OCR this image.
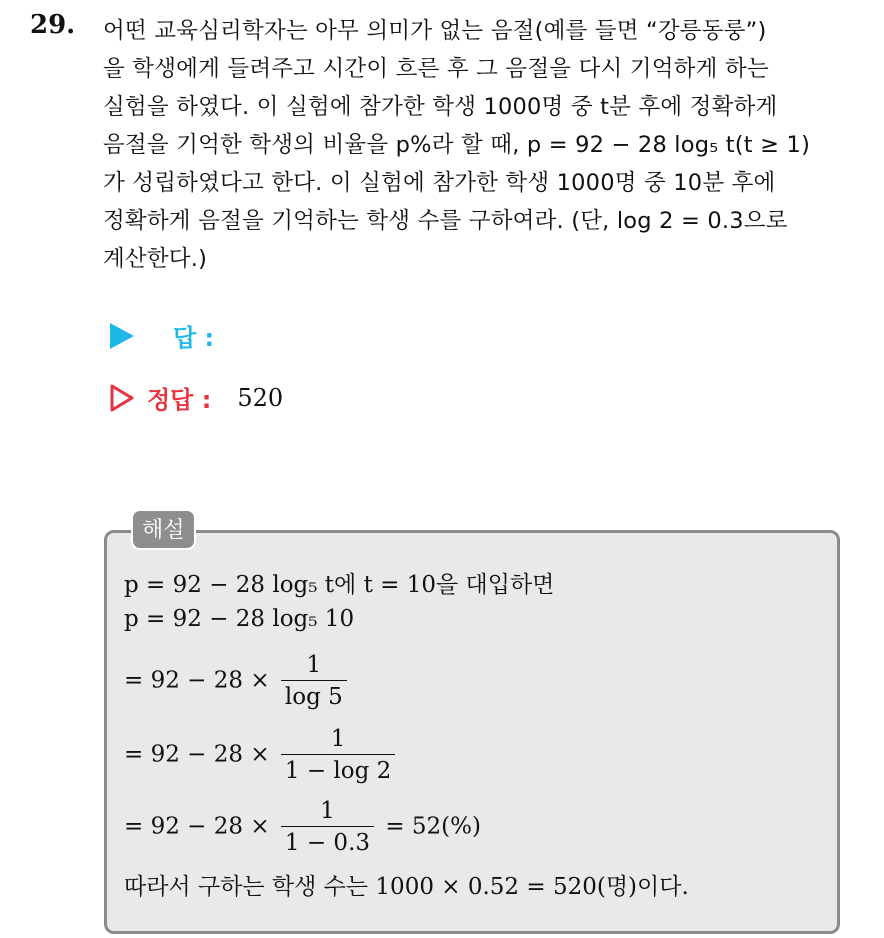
29. 어떤 교육심리학자는 아무 의미가 없는 음절(예를 들면 “강릉동룽”)
을 학생에게 들려주고 시간이 흐른 후 그 음절을 다시 기억하게 하는
실험을 하였다. 이 실험에 참가한 학생 1000명 중 t분 후에 정확하게
음절을 기억한 학생의 비율을 p%라 할 때, p = 92 − 28 log₅ t(t ≥ 1)
가 성립하였다고 한다. 이 실험에 참가한 학생 1000명 중 10분 후에
정확하게 음절을 기억하는 학생 수를 구하여라. (단, log 2 = 0.3으로
계산한다.)
답 :
정답 : 520
해설
p = 92 − 28 log₅ t에 t = 10을 대입하면
p = 92 − 28 log₅ 10
= $92 - 28 \times \frac{1}{\log 5}$
= $92 - 28 \times \frac{1}{1 - \log 2}$
= $92 - 28 \times \frac{1}{1 - 0.3} = 52(\%)$
따라서 구하는 학생 수는 1000 × 0.52 = 520(명)이다.
